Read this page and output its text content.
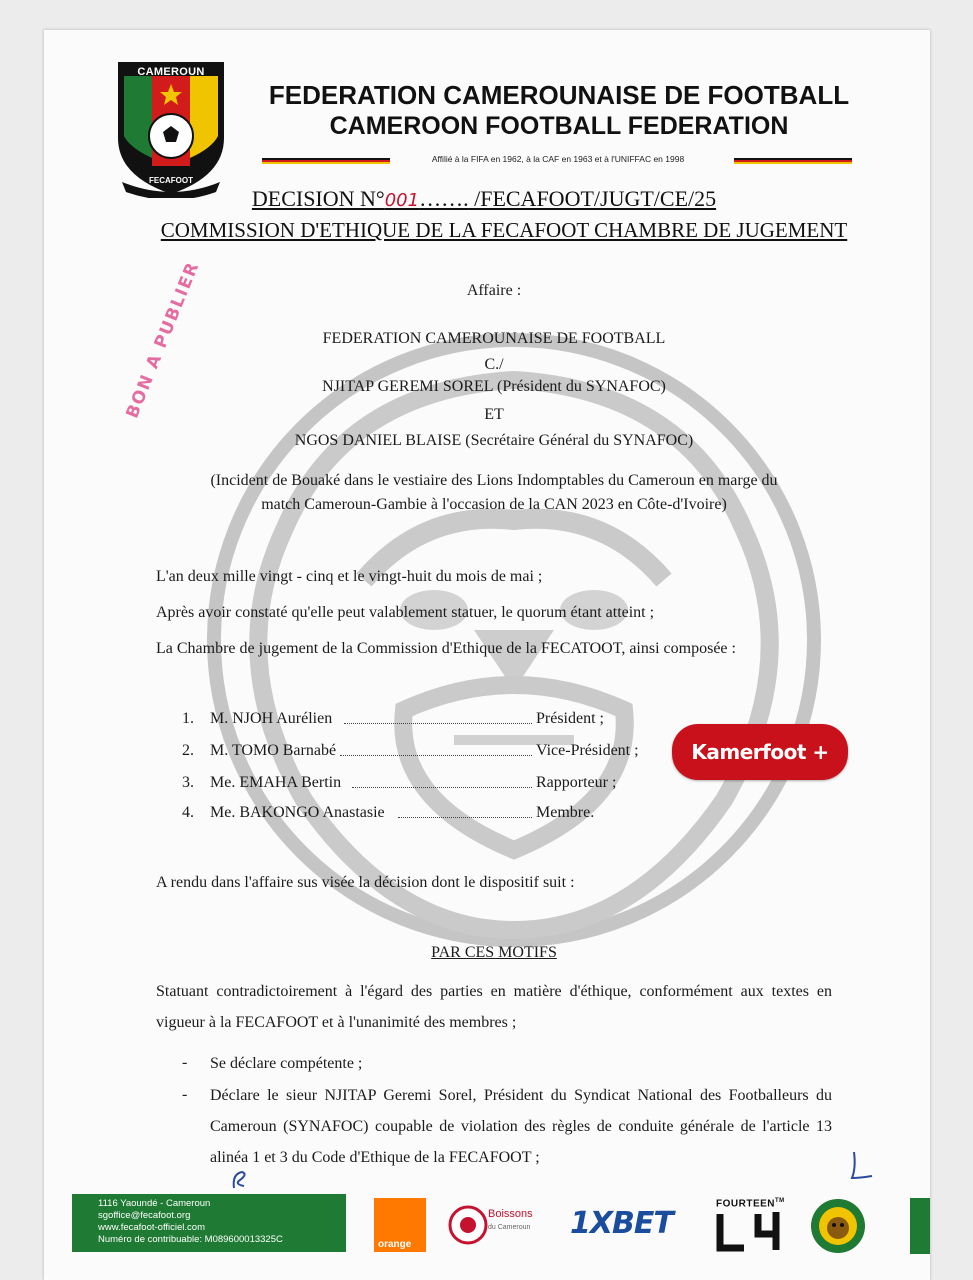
CAMEROUN
FECAFOOT
FEDERATION CAMEROUNAISE DE FOOTBALL
CAMEROON FOOTBALL FEDERATION
Affilié à la FIFA en 1962, à la CAF en 1963 et à l'UNIFFAC en 1998
DECISION N°001……. /FECAFOOT/JUGT/CE/25
COMMISSION D'ETHIQUE DE LA FECAFOOT CHAMBRE DE JUGEMENT
BON A PUBLIER	Affaire :
FEDERATION CAMEROUNAISE DE FOOTBALL
C./
NJITAP GEREMI SOREL (Président du SYNAFOC)
ET
NGOS DANIEL BLAISE (Secrétaire Général du SYNAFOC)
(Incident de Bouaké dans le vestiaire des Lions Indomptables du Cameroun en marge du
match Cameroun-Gambie à l'occasion de la CAN 2023 en Côte-d'Ivoire)
L'an deux mille vingt - cinq et le vingt-huit du mois de mai ;
Après avoir constaté qu'elle peut valablement statuer, le quorum étant atteint ;
La Chambre de jugement de la Commission d'Ethique de la FECATOOT, ainsi composée :
1. M. NJOH Aurélien	Président ;
2. M. TOMO Barnabé	Vice-Président ;
3. Me. EMAHA Bertin	Rapporteur ;
4. Me. BAKONGO Anastasie	Membre.
Kamerfoot +
A rendu dans l'affaire sus visée la décision dont le dispositif suit :
PAR CES MOTIFS
Statuant contradictoirement à l'égard des parties en matière d'éthique, conformément aux textes en vigueur à la FECAFOOT et à l'unanimité des membres ;
- Se déclare compétente ;
- Déclare le sieur NJITAP Geremi Sorel, Président du Syndicat National des Footballeurs du Cameroun (SYNAFOC) coupable de violation des règles de conduite générale de l'article 13 alinéa 1 et 3 du Code d'Ethique de la FECAFOOT ;
1116 Yaoundé - Cameroun
sgoffice@fecafoot.org
www.fecafoot-officiel.com
Numéro de contribuable: M089600013325C	orange
Boissons
du Cameroun 1XBET
FOURTEEN™
